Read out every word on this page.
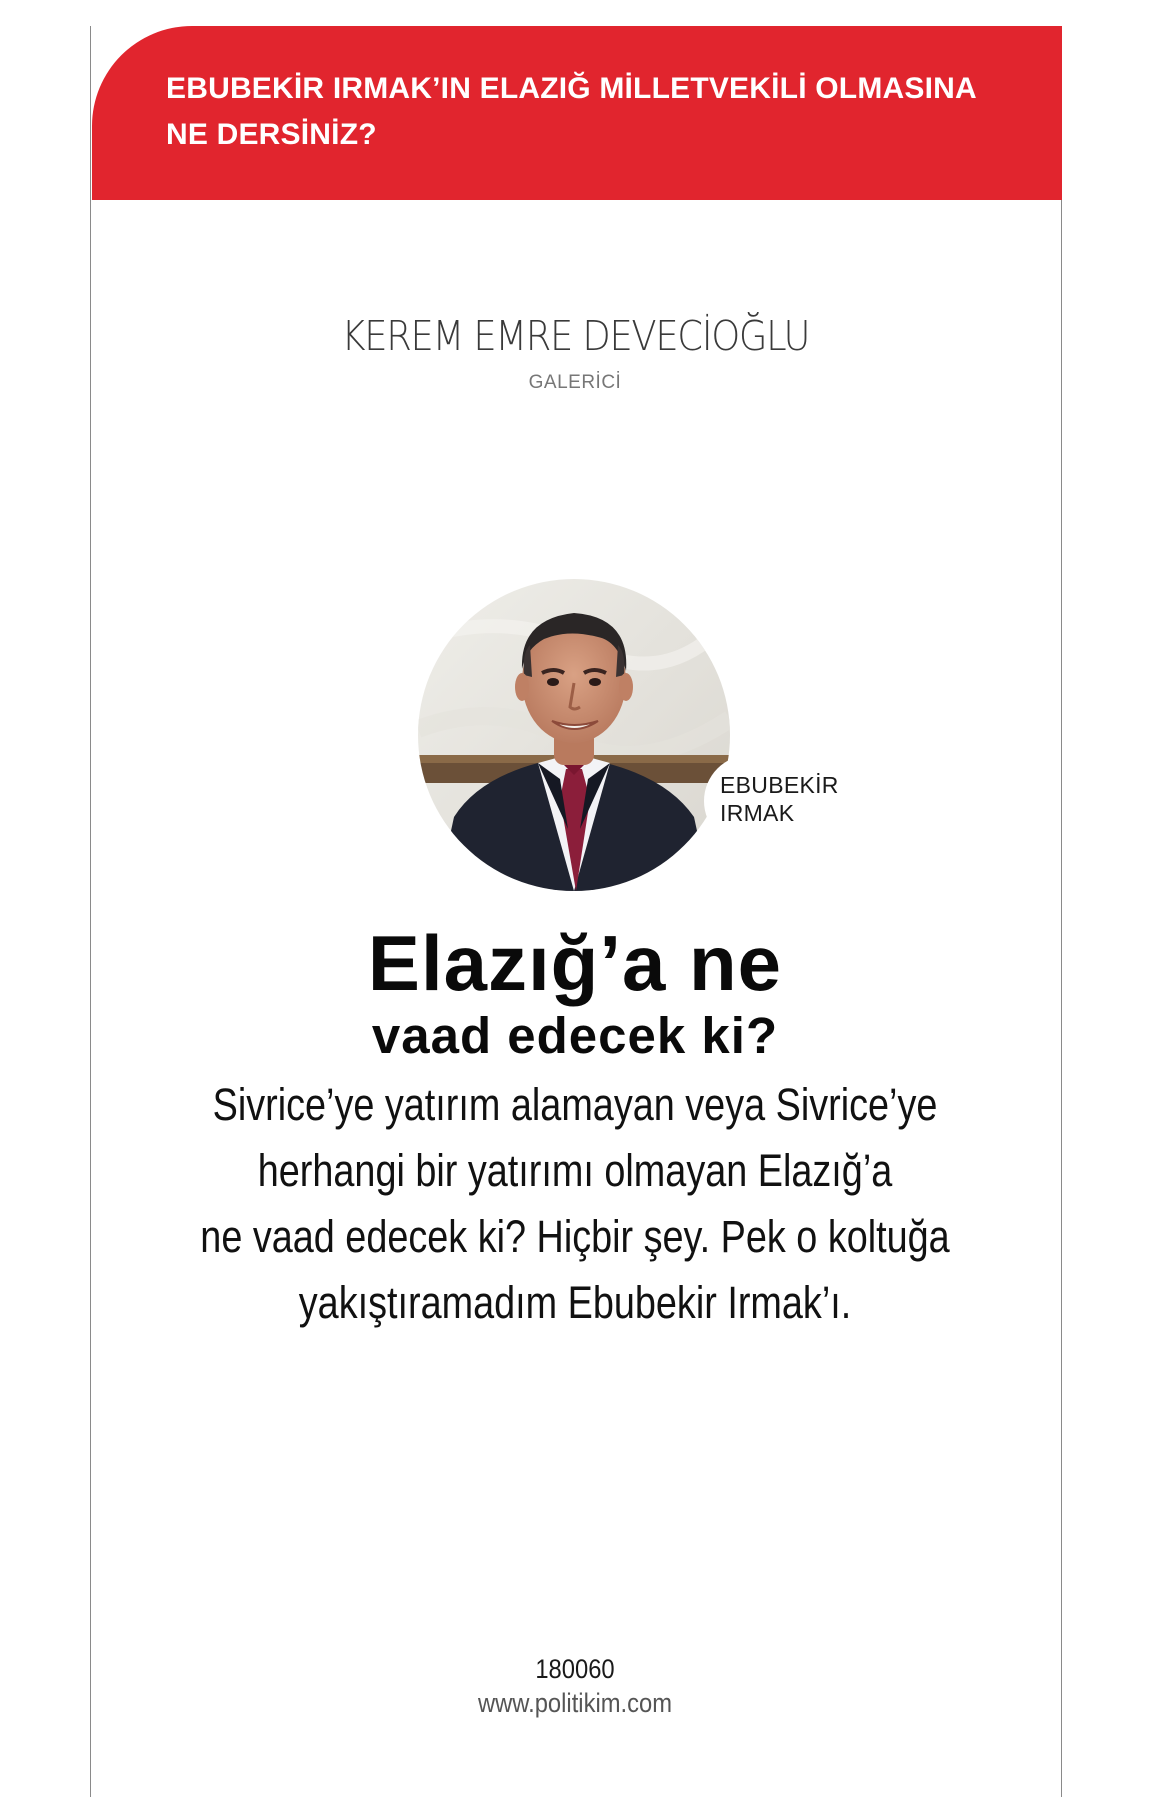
EBUBEKİR IRMAK’IN ELAZIĞ MİLLETVEKİLİ OLMASINA
NE DERSİNİZ?

KEREM EMRE DEVECİOĞLU
GALERİCİ
EBUBEKİR
IRMAK
Elazığ’a ne
vaad edecek ki?
Sivrice’ye yatırım alamayan veya Sivrice’ye
herhangi bir yatırımı olmayan Elazığ’a
ne vaad edecek ki? Hiçbir şey. Pek o koltuğa
yakıştıramadım Ebubekir Irmak’ı.
180060
www.politikim.com
